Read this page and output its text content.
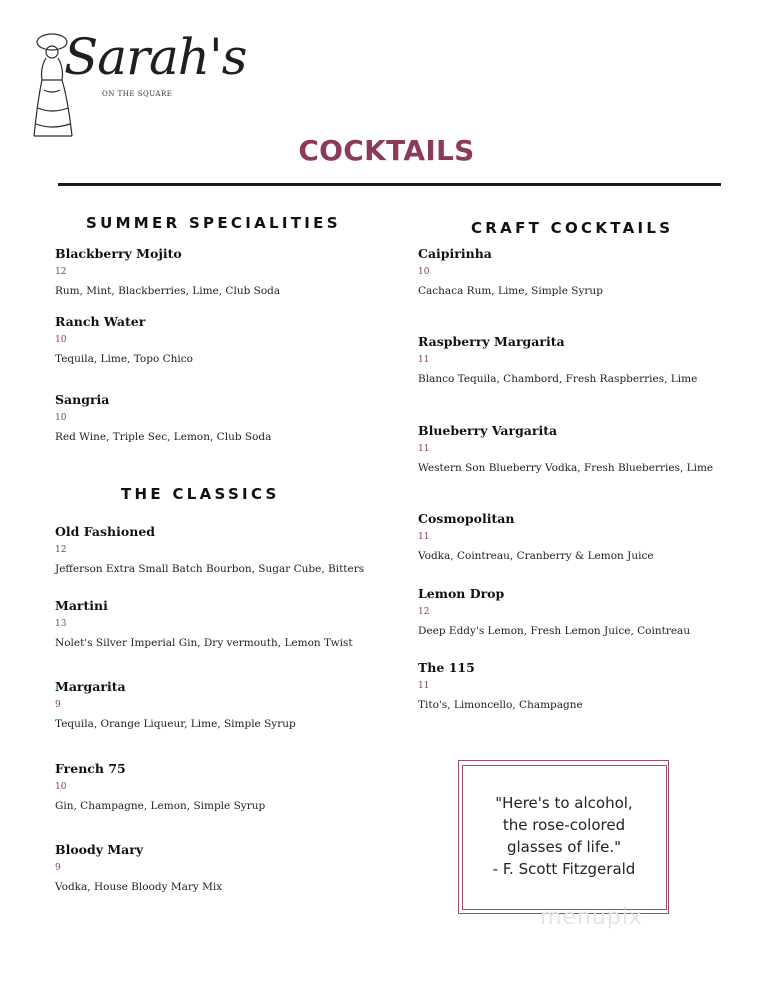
Sarah's
ON THE SQUARE
COCKTAILS
SUMMER SPECIALITIES
Blackberry Mojito
12
Rum, Mint, Blackberries, Lime, Club Soda
Ranch Water
10
Tequila, Lime, Topo Chico
Sangria
10
Red Wine, Triple Sec, Lemon, Club Soda
THE CLASSICS
Old Fashioned
12
Jefferson Extra Small Batch Bourbon, Sugar Cube, Bitters
Martini
13
Nolet's Silver Imperial Gin, Dry vermouth, Lemon Twist
Margarita
9
Tequila, Orange Liqueur, Lime, Simple Syrup
French 75
10
Gin, Champagne, Lemon, Simple Syrup
Bloody Mary
9
Vodka, House Bloody Mary Mix
CRAFT COCKTAILS
Caipirinha
10
Cachaca Rum, Lime, Simple Syrup
Raspberry Margarita
11
Blanco Tequila, Chambord, Fresh Raspberries, Lime
Blueberry Vargarita
11
Western Son Blueberry Vodka, Fresh Blueberries, Lime
Cosmopolitan
11
Vodka, Cointreau, Cranberry & Lemon Juice
Lemon Drop
12
Deep Eddy's Lemon, Fresh Lemon Juice, Cointreau
The 115
11
Tito's, Limoncello, Champagne
"Here's to alcohol,
the rose-colored
glasses of life."
- F. Scott Fitzgerald
menupix
